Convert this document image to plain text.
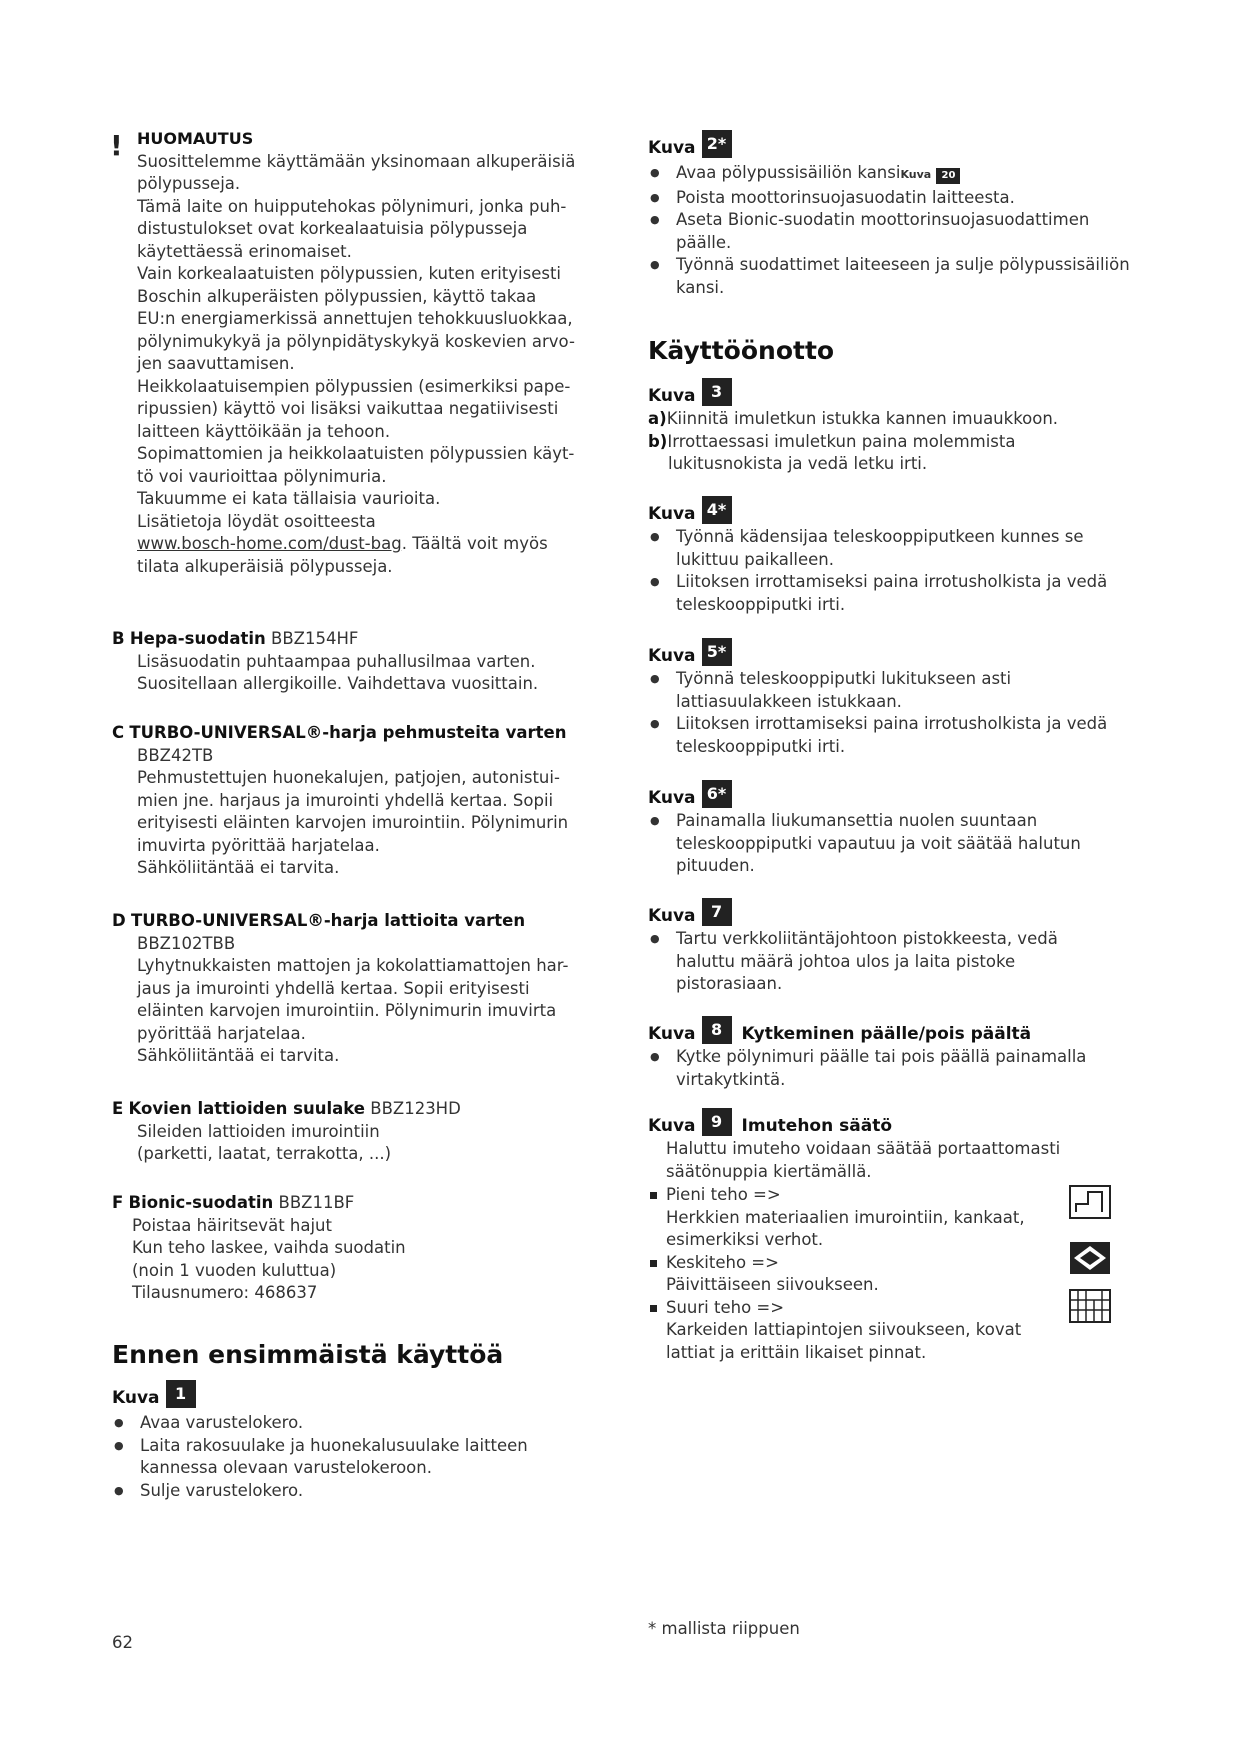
! HUOMAUTUS
Suosittelemme käyttämään yksinomaan alkuperäisiä
pölypusseja.
Tämä laite on huipputehokas pölynimuri, jonka puh-
distustulokset ovat korkealaatuisia pölypusseja
käytettäessä erinomaiset.
Vain korkealaatuisten pölypussien, kuten erityisesti
Boschin alkuperäisten pölypussien, käyttö takaa
EU:n energiamerkissä annettujen tehokkuusluokkaa,
pölynimukykyä ja pölynpidätyskykyä koskevien arvo-
jen saavuttamisen.
Heikkolaatuisempien pölypussien (esimerkiksi pape-
ripussien) käyttö voi lisäksi vaikuttaa negatiivisesti
laitteen käyttöikään ja tehoon.
Sopimattomien ja heikkolaatuisten pölypussien käyt-
tö voi vaurioittaa pölynimuria.
Takuumme ei kata tällaisia vaurioita.
Lisätietoja löydät osoitteesta
www.bosch-home.com/dust-bag. Täältä voit myös
tilata alkuperäisiä pölypusseja.
B Hepa-suodatin BBZ154HF
Lisäsuodatin puhtaampaa puhallusilmaa varten.
Suositellaan allergikoille. Vaihdettava vuosittain.
C TURBO-UNIVERSAL®-harja pehmusteita varten
BBZ42TB
Pehmustettujen huonekalujen, patjojen, autonistui-
mien jne. harjaus ja imurointi yhdellä kertaa. Sopii
erityisesti eläinten karvojen imurointiin. Pölynimurin
imuvirta pyörittää harjatelaa.
Sähköliitäntää ei tarvita.
D TURBO-UNIVERSAL®-harja lattioita varten
BBZ102TBB
Lyhytnukkaisten mattojen ja kokolattiamattojen har-
jaus ja imurointi yhdellä kertaa. Sopii erityisesti
eläinten karvojen imurointiin. Pölynimurin imuvirta
pyörittää harjatelaa.
Sähköliitäntää ei tarvita.
E Kovien lattioiden suulake BBZ123HD
Sileiden lattioiden imurointiin
(parketti, laatat, terrakotta, ...)
F Bionic-suodatin BBZ11BF
Poistaa häiritsevät hajut
Kun teho laskee, vaihda suodatin
(noin 1 vuoden kuluttua)
Tilausnumero: 468637
Ennen ensimmäistä käyttöä
Kuva 1
● Avaa varustelokero.
● Laita rakosuulake ja huonekalusuulake laitteen kannessa olevaan varustelokeroon.
● Sulje varustelokero.
62
Kuva 2*
● Avaa pölypussisäiliön kansiKuva 20
● Poista moottorinsuojasuodatin laitteesta.
● Aseta Bionic-suodatin moottorinsuojasuodattimen päälle.
● Työnnä suodattimet laiteeseen ja sulje pölypussisäiliön kansi.
Käyttöönotto
Kuva 3
a)Kiinnitä imuletkun istukka kannen imuaukkoon.
b)Irrottaessasi imuletkun paina molemmista
lukitusnokista ja vedä letku irti.
Kuva 4*
● Työnnä kädensijaa teleskooppiputkeen kunnes se lukittuu paikalleen.
● Liitoksen irrottamiseksi paina irrotusholkista ja vedä teleskooppiputki irti.
Kuva 5*
● Työnnä teleskooppiputki lukitukseen asti lattiasuulakkeen istukkaan.
● Liitoksen irrottamiseksi paina irrotusholkista ja vedä teleskooppiputki irti.
Kuva 6*
● Painamalla liukumansettia nuolen suuntaan teleskooppiputki vapautuu ja voit säätää halutun pituuden.
Kuva 7
● Tartu verkkoliitäntäjohtoon pistokkeesta, vedä haluttu määrä johtoa ulos ja laita pistoke pistorasiaan.
Kuva 8	Kytkeminen päälle/pois päältä
● Kytke pölynimuri päälle tai pois päällä painamalla virtakytkintä.
Kuva 9	Imutehon säätö
Haluttu imuteho voidaan säätää portaattomasti säätönuppia kiertämällä.
Pieni teho =>
Herkkien materiaalien imurointiin, kankaat, esimerkiksi verhot.
Keskiteho =>
Päivittäiseen siivoukseen.
Suuri teho =>
Karkeiden lattiapintojen siivoukseen, kovat lattiat ja erittäin likaiset pinnat.
* mallista riippuen
